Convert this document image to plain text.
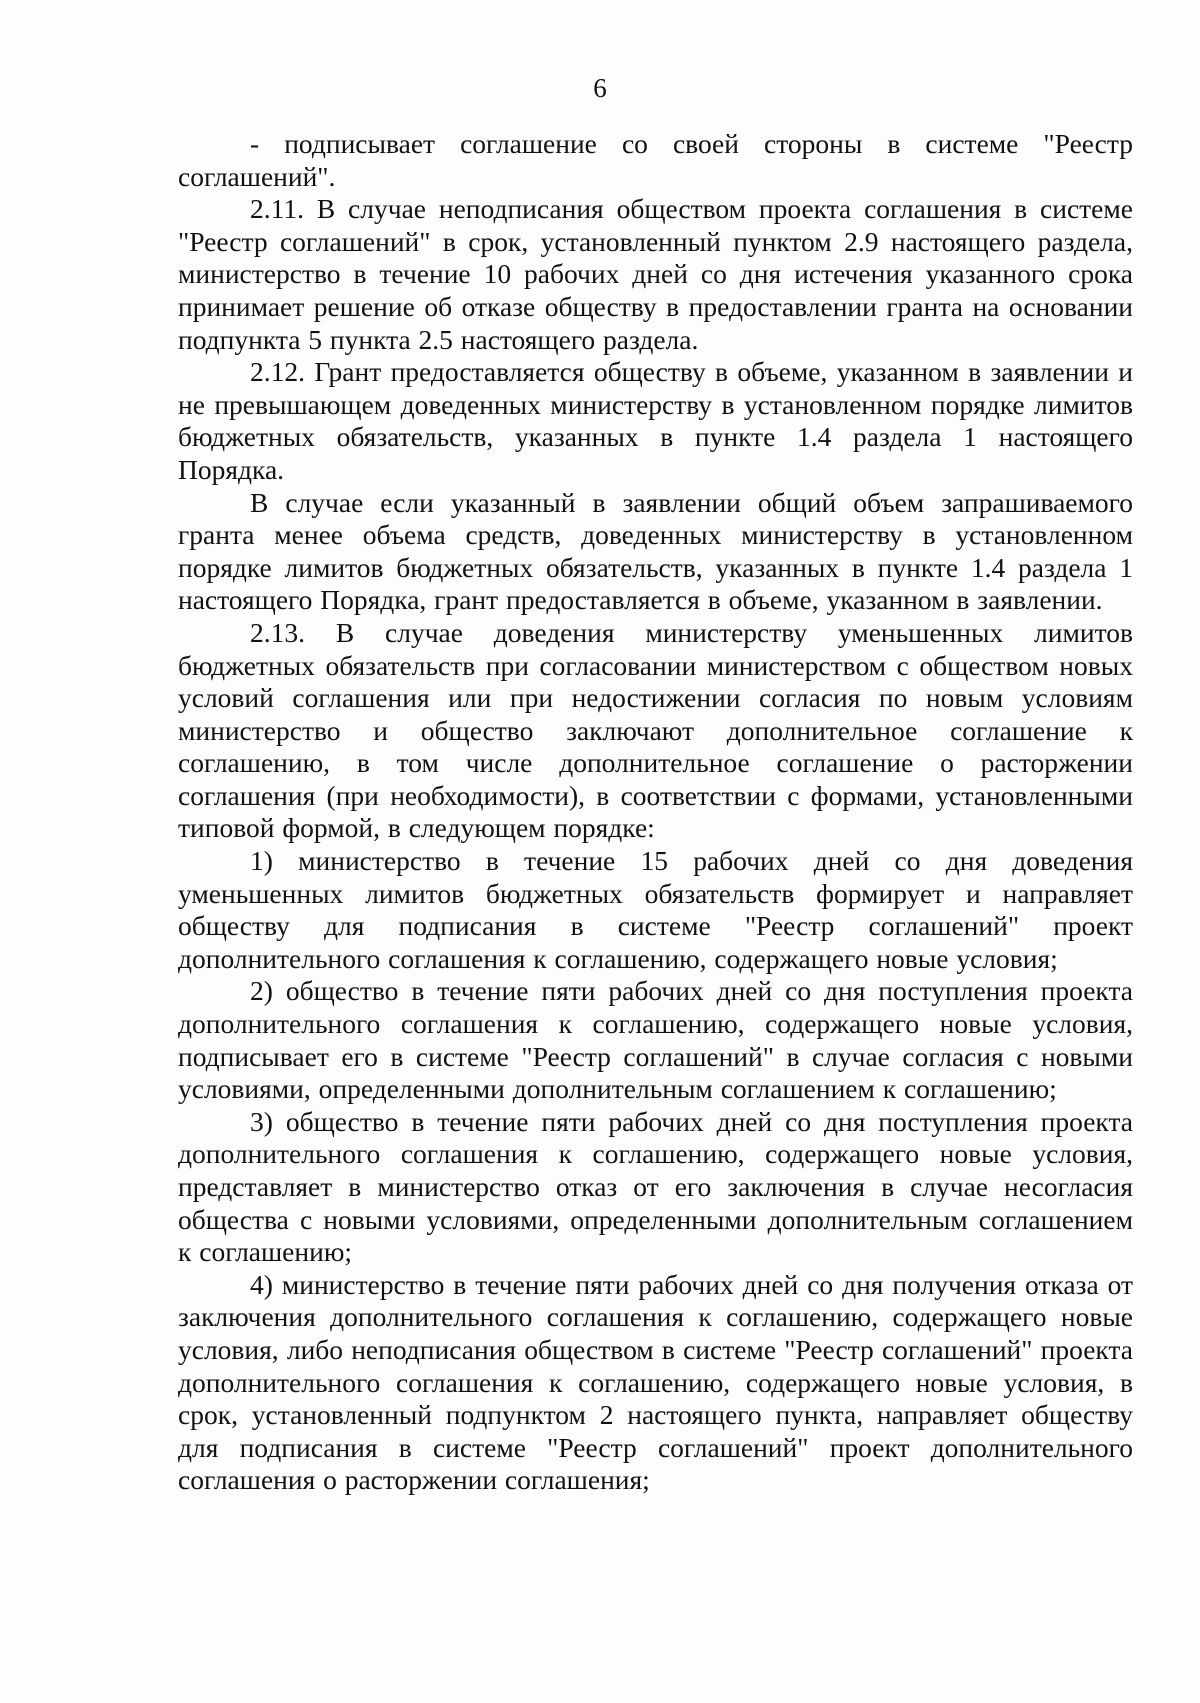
6

- подписывает соглашение со своей стороны в системе "Реестр соглашений".

2.11. В случае неподписания обществом проекта соглашения в системе "Реестр соглашений" в срок, установленный пунктом 2.9 настоящего раздела, министерство в течение 10 рабочих дней со дня истечения указанного срока принимает решение об отказе обществу в предоставлении гранта на основании подпункта 5 пункта 2.5 настоящего раздела.

2.12. Грант предоставляется обществу в объеме, указанном в заявлении и не превышающем доведенных министерству в установленном порядке лимитов бюджетных обязательств, указанных в пункте 1.4 раздела 1 настоящего Порядка.

В случае если указанный в заявлении общий объем запрашиваемого гранта менее объема средств, доведенных министерству в установленном порядке лимитов бюджетных обязательств, указанных в пункте 1.4 раздела 1 настоящего Порядка, грант предоставляется в объеме, указанном в заявлении.

2.13. В случае доведения министерству уменьшенных лимитов бюджетных обязательств при согласовании министерством с обществом новых условий соглашения или при недостижении согласия по новым условиям министерство и общество заключают дополнительное соглашение к соглашению, в том числе дополнительное соглашение о расторжении соглашения (при необходимости), в соответствии с формами, установленными типовой формой, в следующем порядке:

1) министерство в течение 15 рабочих дней со дня доведения уменьшенных лимитов бюджетных обязательств формирует и направляет обществу для подписания в системе "Реестр соглашений" проект дополнительного соглашения к соглашению, содержащего новые условия;

2) общество в течение пяти рабочих дней со дня поступления проекта дополнительного соглашения к соглашению, содержащего новые условия, подписывает его в системе "Реестр соглашений" в случае согласия с новыми условиями, определенными дополнительным соглашением к соглашению;

3) общество в течение пяти рабочих дней со дня поступления проекта дополнительного соглашения к соглашению, содержащего новые условия, представляет в министерство отказ от его заключения в случае несогласия общества с новыми условиями, определенными дополнительным соглашением к соглашению;

4) министерство в течение пяти рабочих дней со дня получения отказа от заключения дополнительного соглашения к соглашению, содержащего новые условия, либо неподписания обществом в системе "Реестр соглашений" проекта дополнительного соглашения к соглашению, содержащего новые условия, в срок, установленный подпунктом 2 настоящего пункта, направляет обществу для подписания в системе "Реестр соглашений" проект дополнительного соглашения о расторжении соглашения;
